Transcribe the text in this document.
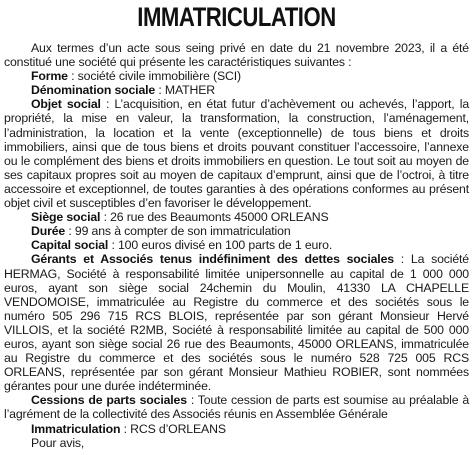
IMMATRICULATION

Aux termes d’un acte sous seing privé en date du 21 novembre 2023, il a été constitué une société qui présente les caractéristiques suivantes :

Forme : société civile immobilière (SCI)

Dénomination sociale : MATHER

Objet social : L’acquisition, en état futur d’achèvement ou achevés, l’apport, la propriété, la mise en valeur, la transformation, la construction, l’aménagement, l’administration, la location et la vente (exceptionnelle) de tous biens et droits immobiliers, ainsi que de tous biens et droits pouvant constituer l’accessoire, l’annexe ou le complément des biens et droits immobiliers en question. Le tout soit au moyen de ses capitaux propres soit au moyen de capitaux d’emprunt, ainsi que de l’octroi, à titre accessoire et exceptionnel, de toutes garanties à des opérations conformes au présent objet civil et susceptibles d’en favoriser le développement.

Siège social : 26 rue des Beaumonts 45000 ORLEANS

Durée : 99 ans à compter de son immatriculation

Capital social : 100 euros divisé en 100 parts de 1 euro.

Gérants et Associés tenus indéfiniment des dettes sociales : La société HERMAG, Société à responsabilité limitée unipersonnelle au capital de 1 000 000 euros, ayant son siège social 24chemin du Moulin, 41330 LA CHAPELLE VENDOMOISE, immatriculée au Registre du commerce et des sociétés sous le numéro 505 296 715 RCS BLOIS, représentée par son gérant Monsieur Hervé VILLOIS, et la société R2MB, Société à responsabilité limitée au capital de 500 000 euros, ayant son siège social 26 rue des Beaumonts, 45000 ORLEANS, immatriculée au Registre du commerce et des sociétés sous le numéro 528 725 005 RCS ORLEANS, représentée par son gérant Monsieur Mathieu ROBIER, sont nommées gérantes pour une durée indéterminée.

Cessions de parts sociales : Toute cession de parts est soumise au préalable à l’agrément de la collectivité des Associés réunis en Assemblée Générale

Immatriculation : RCS d’ORLEANS

Pour avis,
